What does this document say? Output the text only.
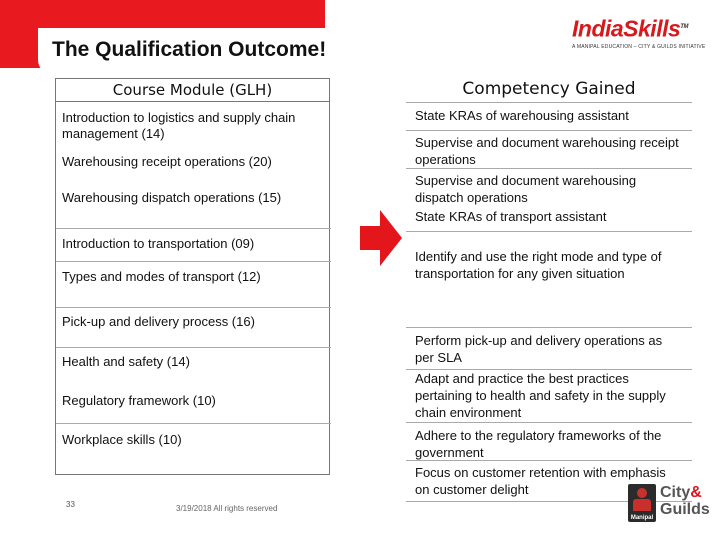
The Qualification Outcome!
IndiaSkills™
A MANIPAL EDUCATION – CITY & GUILDS INITIATIVE
Course Module (GLH)
Introduction to logistics and supply chain management (14)
Warehousing receipt operations (20)
Warehousing dispatch operations (15)
Introduction to transportation (09)
Types and modes of transport (12)
Pick-up and delivery process (16)
Health and safety (14)
Regulatory framework (10)
Workplace skills (10)
Competency Gained
State KRAs of warehousing assistant
Supervise and document warehousing receipt operations
Supervise and document warehousing dispatch operations
State KRAs of transport assistant
Identify and use the right mode and type of transportation for any given situation
Perform pick-up and delivery operations as per SLA
Adapt and practice the best practices pertaining to health and safety in the supply chain environment
Adhere to the regulatory frameworks of the government
Focus on customer retention with emphasis on customer delight
33	3/19/2018 All rights reserved
Manipal
City&
Guilds
